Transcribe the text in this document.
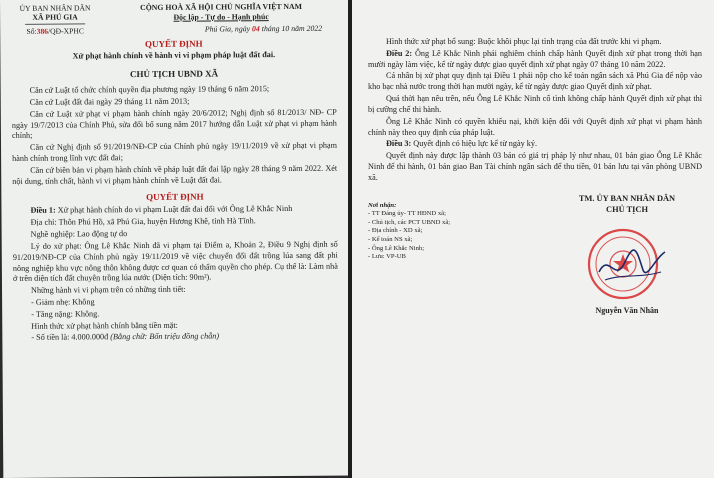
ỦY BAN NHÂN DÂN
XÃ PHÚ GIA
Số:386/QĐ-XPHC
CỘNG HOÀ XÃ HỘI CHỦ NGHĨA VIỆT NAM
Độc lập - Tự do - Hạnh phúc
Phú Gia, ngày 04 tháng 10 năm 2022
QUYẾT ĐỊNH
Xử phạt hành chính về hành vi vi phạm pháp luật đất đai.
CHỦ TỊCH UBND XÃ

Căn cứ Luật tổ chức chính quyền địa phương ngày 19 tháng 6 năm 2015;

Căn cứ Luật đất đai ngày 29 tháng 11 năm 2013;

Căn cứ Luật xử phạt vi phạm hành chính ngày 20/6/2012; Nghị định số 81/2013/ NĐ- CP ngày 19/7/2013 của Chính Phủ, sửa đổi bổ sung năm 2017 hướng dẫn Luật xử phạt vi phạm hành chính;

Căn cứ Nghị định số 91/2019/NĐ-CP của Chính phủ ngày 19/11/2019 về xử phạt vi phạm hành chính trong lĩnh vực đất đai;

Căn cứ biên bản vi phạm hành chính về pháp luật đất đai lập ngày 28 tháng 9 năm 2022. Xét nội dung, tính chất, hành vi vi phạm hành chính về Luật đất đai.

QUYẾT ĐỊNH

Điều 1: Xử phạt hành chính do vi phạm Luật đất đai đối với Ông Lê Khắc Ninh

Địa chỉ: Thôn Phú Hồ, xã Phú Gia, huyện Hương Khê, tỉnh Hà Tĩnh.

Nghề nghiệp: Lao động tự do

Lý do xử phạt: Ông Lê Khắc Ninh đã vi phạm tại Điểm a, Khoản 2, Điều 9 Nghị định số 91/2019/NĐ-CP của Chính phủ ngày 19/11/2019 về việc chuyển đổi đất trồng lúa sang đất phi nông nghiệp khu vực nông thôn không được cơ quan có thẩm quyền cho phép. Cụ thể là: Làm nhà ở trên diện tích đất chuyên trồng lúa nước (Diện tích: 90m²).

Những hành vi vi phạm trên có những tình tiết:

- Giảm nhẹ: Không

- Tăng nặng: Không.

Hình thức xử phạt hành chính bằng tiền mặt:

- Số tiền là: 4.000.000đ (Bằng chữ: Bốn triệu đồng chẵn)

Hình thức xử phạt bổ sung: Buộc khôi phục lại tình trạng của đất trước khi vi phạm.

Điều 2: Ông Lê Khắc Ninh phải nghiêm chỉnh chấp hành Quyết định xử phạt trong thời hạn mười ngày làm việc, kể từ ngày được giao quyết định xử phạt ngày 07 tháng 10 năm 2022.

Cá nhân bị xử phạt quy định tại Điều 1 phải nộp cho kế toán ngân sách xã Phú Gia để nộp vào kho bạc nhà nước trong thời hạn mười ngày, kể từ ngày được giao Quyết định xử phạt.

Quá thời hạn nêu trên, nếu Ông Lê Khắc Ninh cố tình không chấp hành Quyết định xử phạt thì bị cưỡng chế thi hành.

Ông Lê Khắc Ninh có quyền khiếu nại, khởi kiện đối với Quyết định xử phạt vi phạm hành chính này theo quy định của pháp luật.

Điều 3: Quyết định có hiệu lực kể từ ngày ký.

Quyết định này được lập thành 03 bản có giá trị pháp lý như nhau, 01 bản giao Ông Lê Khắc Ninh để thi hành, 01 bản giao Ban Tài chính ngân sách để thu tiền, 01 bản lưu tại văn phòng UBND xã.

Nơi nhận:
- TT Đảng ủy- TT HĐND xã;
- Chủ tịch, các PCT UBND xã;
- Địa chính - XD xã;
- Kế toán NS xã;
- Ông Lê Khắc Ninh;
- Lưu: VP-UB
TM. ỦY BAN NHÂN DÂN
CHỦ TỊCH
Nguyễn Văn Nhân
